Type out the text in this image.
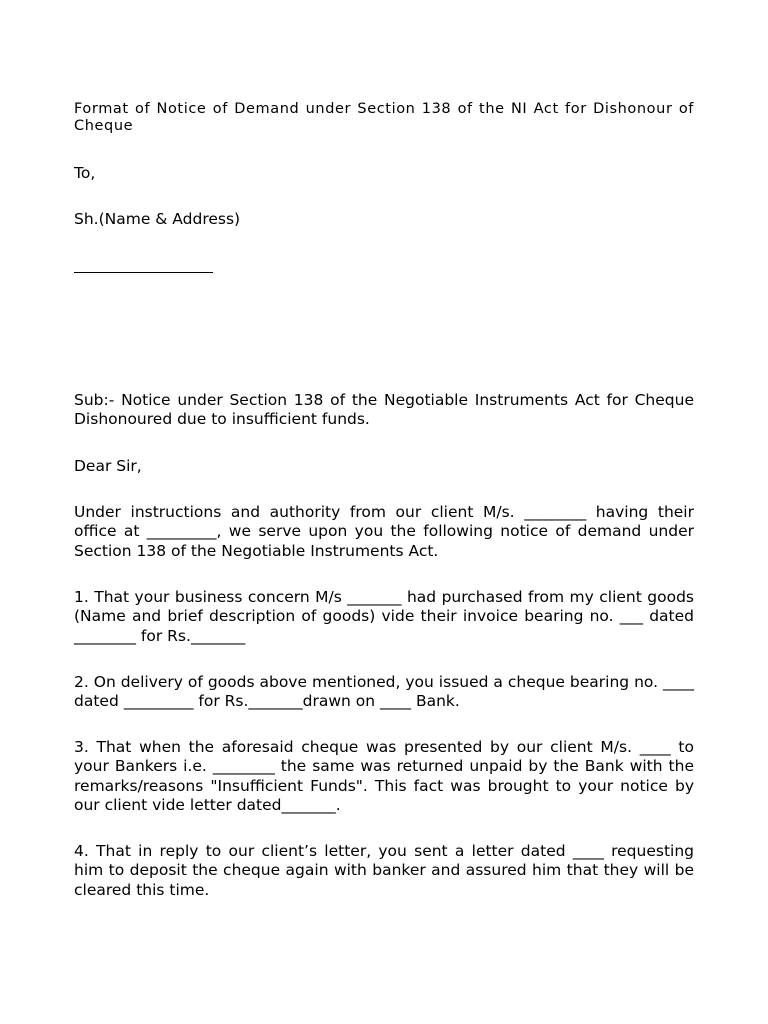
Format of Notice of Demand under Section 138 of the NI Act for Dishonour of Cheque

To,

Sh.(Name & Address)

Sub:- Notice under Section 138 of the Negotiable Instruments Act for Cheque Dishonoured due to insufficient funds.

Dear Sir,

Under instructions and authority from our client M/s. ________ having their office at _________, we serve upon you the following notice of demand under Section 138 of the Negotiable Instruments Act.

1. That your business concern M/s _______ had purchased from my client goods (Name and brief description of goods) vide their invoice bearing no. ___ dated ________ for Rs._______

2. On delivery of goods above mentioned, you issued a cheque bearing no. ____ dated _________ for Rs._______drawn on ____ Bank.

3. That when the aforesaid cheque was presented by our client M/s. ____ to your Bankers i.e. ________ the same was returned unpaid by the Bank with the remarks/reasons "Insufficient Funds". This fact was brought to your notice by our client vide letter dated_______.

4. That in reply to our client’s letter, you sent a letter dated ____ requesting him to deposit the cheque again with banker and assured him that they will be cleared this time.
